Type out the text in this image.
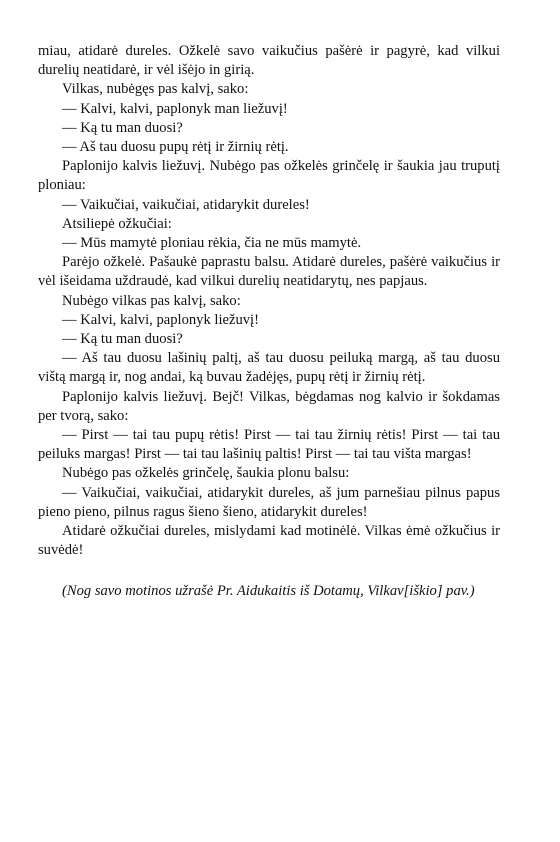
miau, atidarė dureles. Ožkelė savo vaikučius pašėrė ir pagyrė, kad vilkui durelių neatidarė, ir vėl išėjo in girią.

Vilkas, nubėgęs pas kalvį, sako:

— Kalvi, kalvi, paplonyk man liežuvį!

— Ką tu man duosi?

— Aš tau duosu pupų rėtį ir žirnių rėtį.

Paplonijo kalvis liežuvį. Nubėgo pas ožkelės grinčelę ir šaukia jau truputį ploniau:

— Vaikučiai, vaikučiai, atidarykit dureles!

Atsiliepė ožkučiai:

— Mūs mamytė ploniau rėkia, čia ne mūs mamytė.

Parėjo ožkelė. Pašaukė paprastu balsu. Atidarė dureles, pašėrė vaikučius ir vėl išeidama uždraudė, kad vilkui durelių neatidarytų, nes papjaus.

Nubėgo vilkas pas kalvį, sako:

— Kalvi, kalvi, paplonyk liežuvį!

— Ką tu man duosi?

— Aš tau duosu lašinių paltį, aš tau duosu peiluką margą, aš tau duosu vištą margą ir, nog andai, ką buvau žadėjęs, pupų rėtį ir žirnių rėtį.

Paplonijo kalvis liežuvį. Bejč! Vilkas, bėgdamas nog kalvio ir šokdamas per tvorą, sako:

— Pirst — tai tau pupų rėtis! Pirst — tai tau žirnių rėtis! Pirst — tai tau peiluks margas! Pirst — tai tau lašinių paltis! Pirst — tai tau višta margas!

Nubėgo pas ožkelės grinčelę, šaukia plonu balsu:

— Vaikučiai, vaikučiai, atidarykit dureles, aš jum parnešiau pilnus papus pieno pieno, pilnus ragus šieno šieno, atidarykit dureles!

Atidarė ožkučiai dureles, mislydami kad motinėlė. Vilkas ėmė ožkučius ir suvėdė!

(Nog savo motinos užrašė Pr. Aidukaitis iš Dotamų, Vilkav[iškio] pav.)
